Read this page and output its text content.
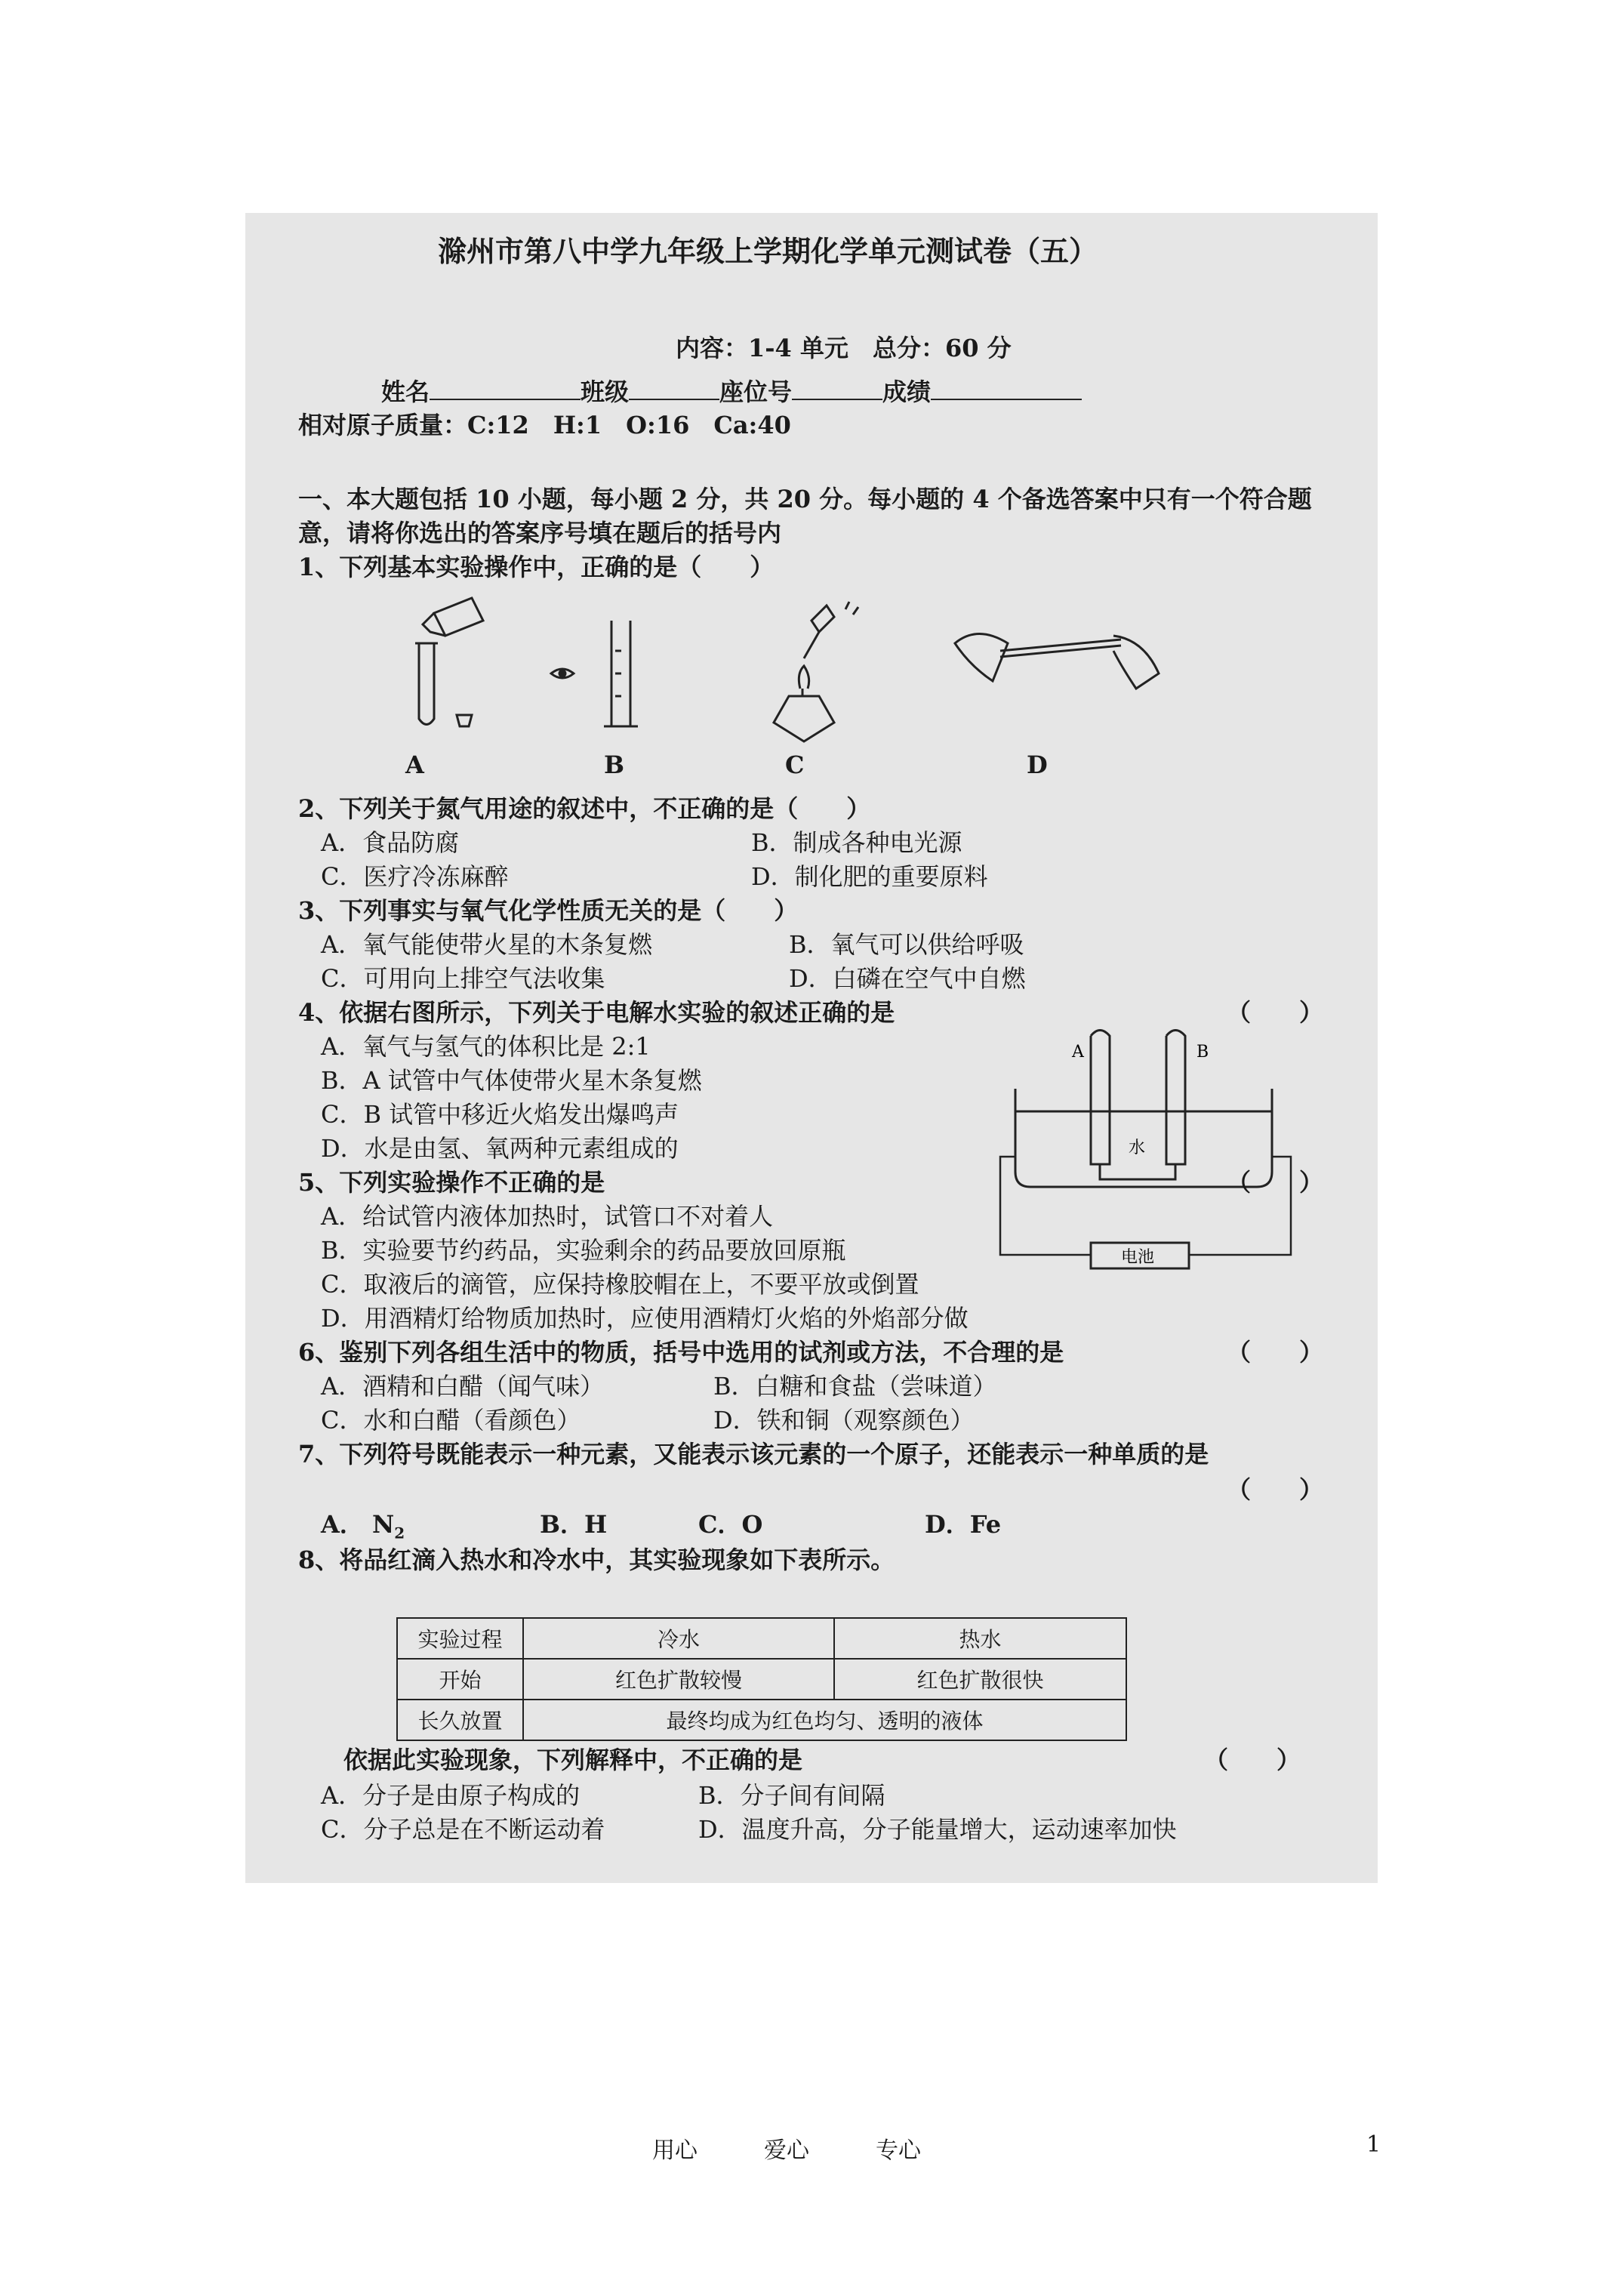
滁州市第八中学九年级上学期化学单元测试卷（五）
内容：1-4 单元　总分：60 分
姓名	班级	座位号	成绩
相对原子质量：C:12　H:1　O:16　Ca:40
一、本大题包括 10 小题，每小题 2 分，共 20 分。每小题的 4 个备选答案中只有一个符合题
意，请将你选出的答案序号填在题后的括号内
1、下列基本实验操作中，正确的是（　　）
A	B	C	D
2、下列关于氮气用途的叙述中，不正确的是（　　）
A．食品防腐	B．制成各种电光源
C．医疗冷冻麻醉	D．制化肥的重要原料
3、下列事实与氧气化学性质无关的是（　　）
A．氧气能使带火星的木条复燃	B．氧气可以供给呼吸
C．可用向上排空气法收集	D．白磷在空气中自燃
4、依据右图所示，下列关于电解水实验的叙述正确的是	（　　）
A．氧气与氢气的体积比是 2:1
B．A 试管中气体使带火星木条复燃
C．B 试管中移近火焰发出爆鸣声
D．水是由氢、氧两种元素组成的
A	B
水
电池
5、下列实验操作不正确的是	（　　）
A．给试管内液体加热时，试管口不对着人
B．实验要节约药品，实验剩余的药品要放回原瓶
C．取液后的滴管，应保持橡胶帽在上，不要平放或倒置
D．用酒精灯给物质加热时，应使用酒精灯火焰的外焰部分做
6、鉴别下列各组生活中的物质，括号中选用的试剂或方法，不合理的是	（　　）
A．酒精和白醋（闻气味）	B．白糖和食盐（尝味道）
C．水和白醋（看颜色）	D．铁和铜（观察颜色）
7、下列符号既能表示一种元素，又能表示该元素的一个原子，还能表示一种单质的是
（　　）
A． $N_2$	B．H	C．O	D．Fe
8、将品红滴入热水和冷水中，其实验现象如下表所示。
实验过程	冷水	热水
开始	红色扩散较慢	红色扩散很快
长久放置	最终均成为红色均匀、透明的液体	
依据此实验现象，下列解释中，不正确的是	（　　）
A．分子是由原子构成的	B．分子间有间隔
C．分子总是在不断运动着	D．温度升高，分子能量增大，运动速率加快
用心	爱心	专心	1
